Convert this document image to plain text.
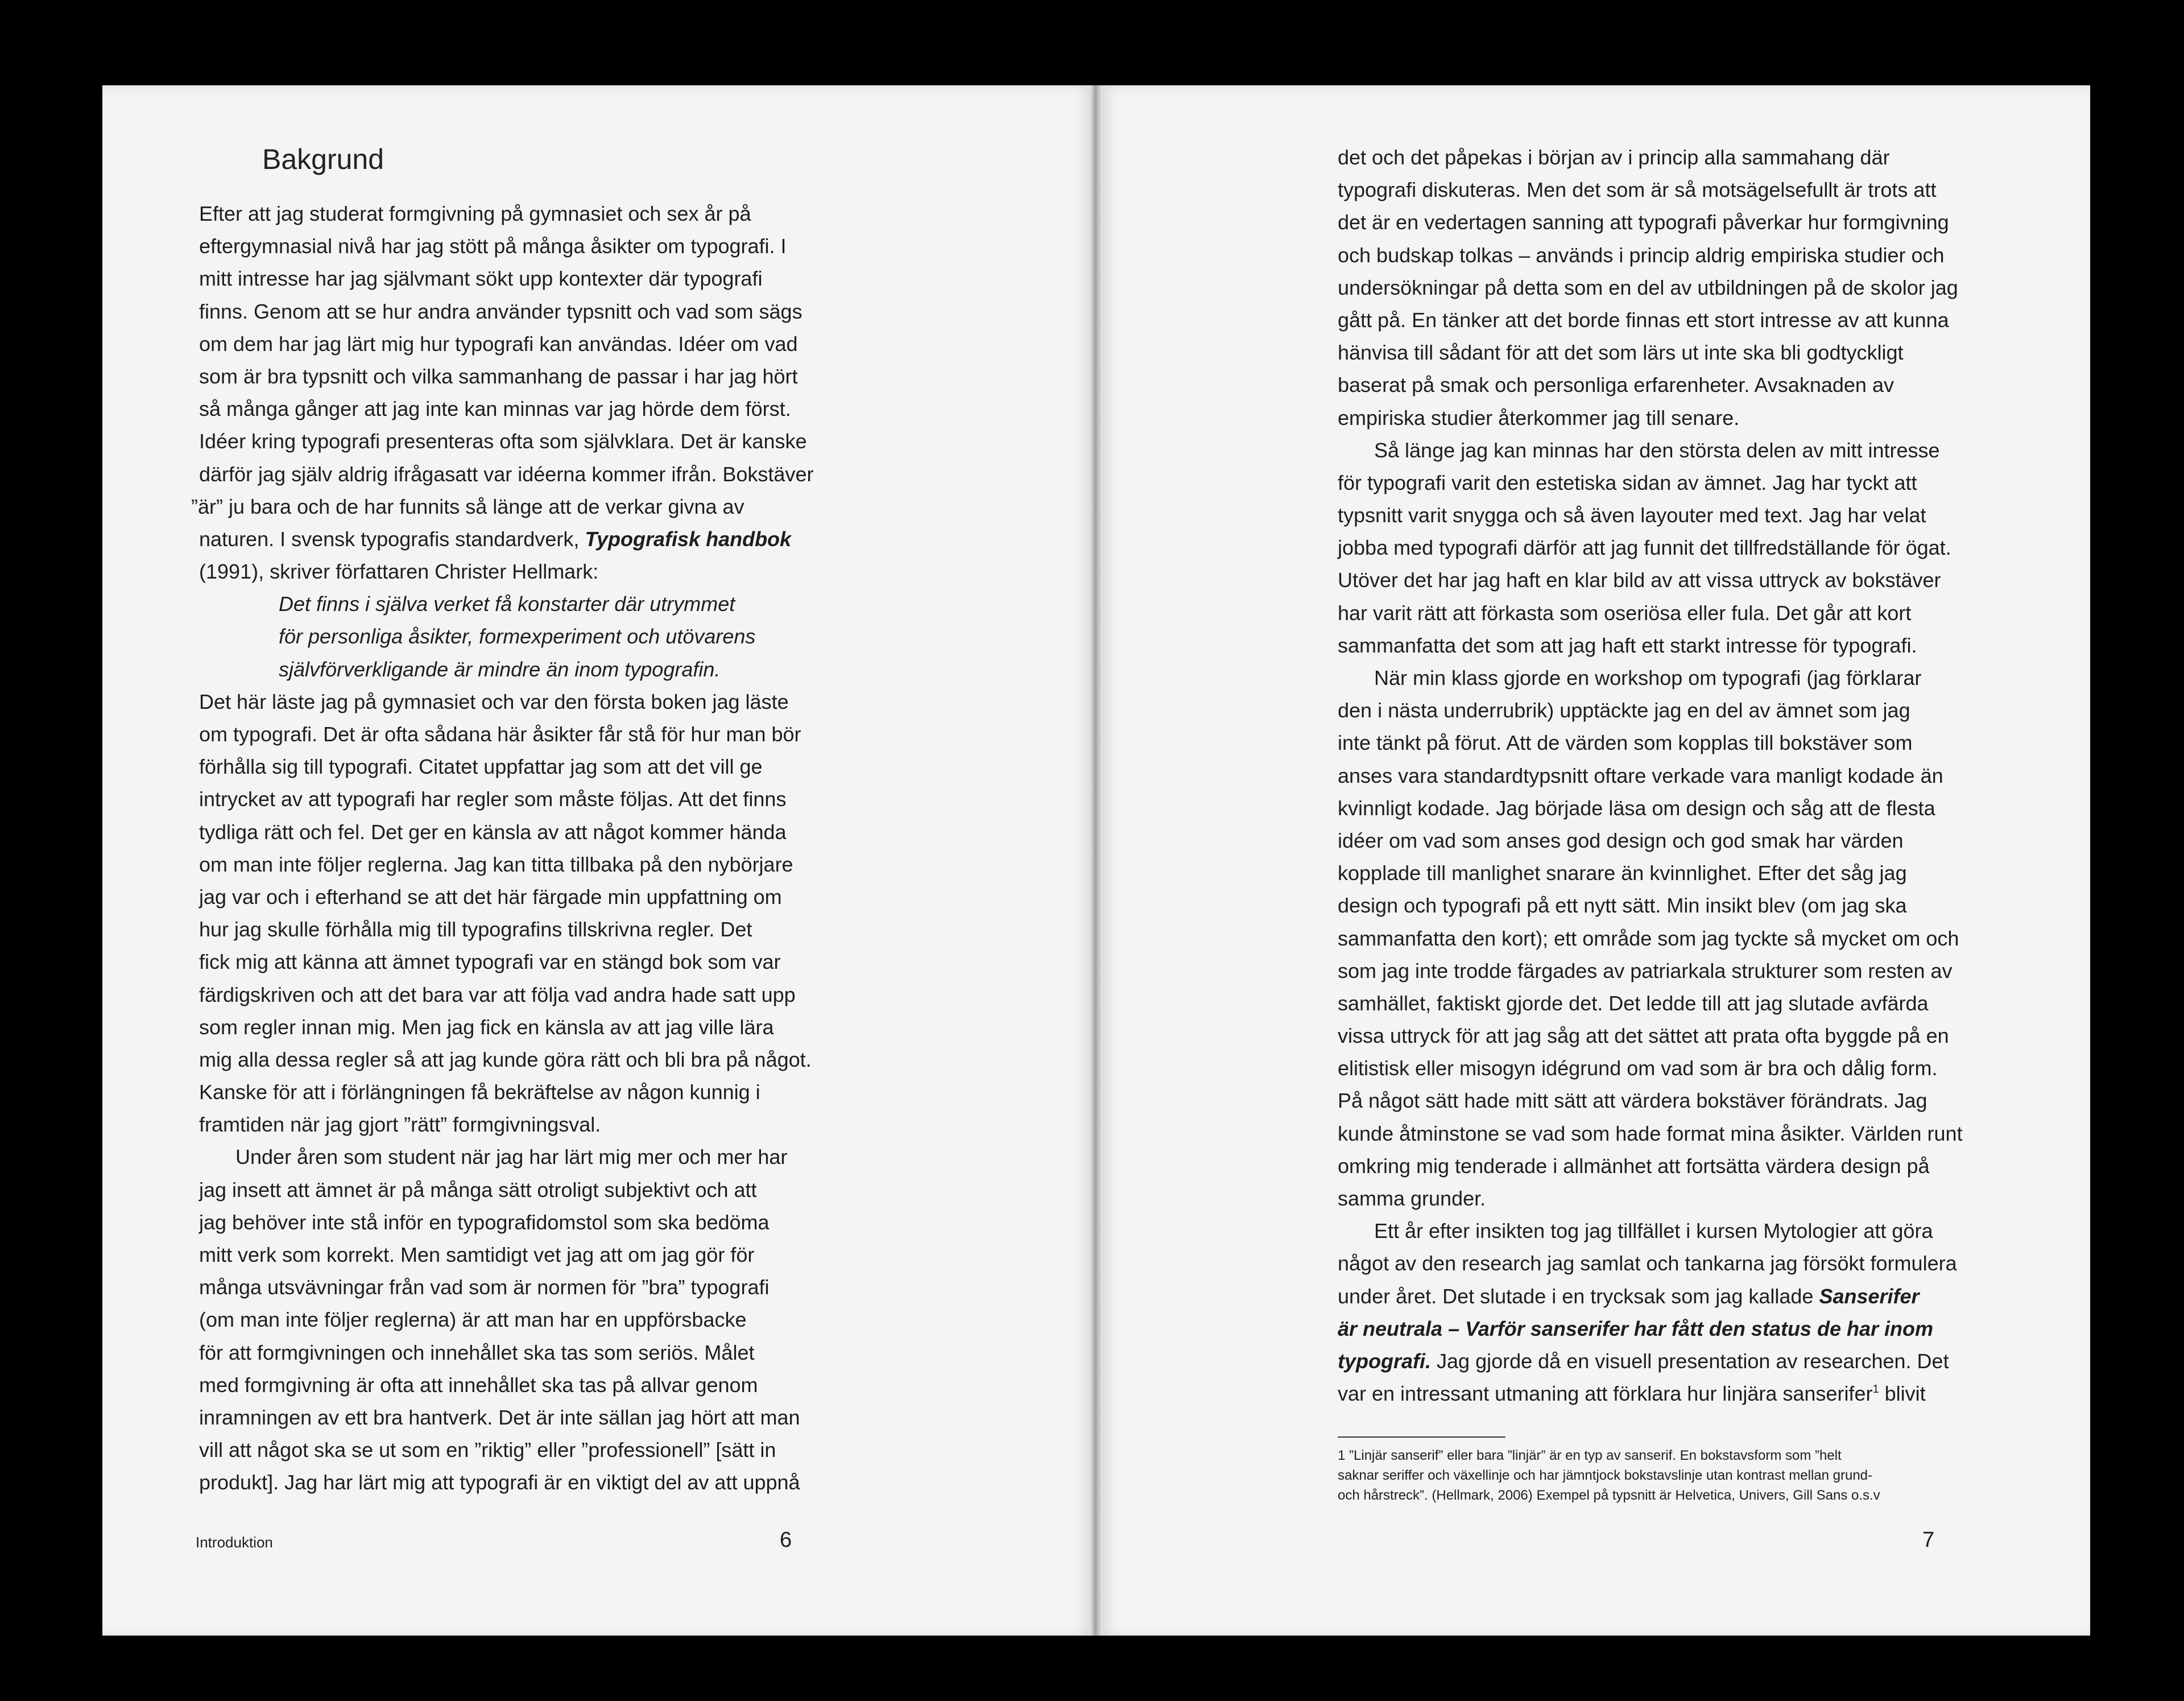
Bakgrund
Efter att jag studerat formgivning på gymnasiet och sex år på
eftergymnasial nivå har jag stött på många åsikter om typografi. I
mitt intresse har jag självmant sökt upp kontexter där typografi
finns. Genom att se hur andra använder typsnitt och vad som sägs
om dem har jag lärt mig hur typografi kan användas. Idéer om vad
som är bra typsnitt och vilka sammanhang de passar i har jag hört
så många gånger att jag inte kan minnas var jag hörde dem först.
Idéer kring typografi presenteras ofta som självklara. Det är kanske
därför jag själv aldrig ifrågasatt var idéerna kommer ifrån. Bokstäver
”är” ju bara och de har funnits så länge att de verkar givna av
naturen. I svensk typografis standardverk, Typografisk handbok
(1991), skriver författaren Christer Hellmark:
Det finns i själva verket få konstarter där utrymmet
för personliga åsikter, formexperiment och utövarens
självförverkligande är mindre än inom typografin.
Det här läste jag på gymnasiet och var den första boken jag läste
om typografi. Det är ofta sådana här åsikter får stå för hur man bör
förhålla sig till typografi. Citatet uppfattar jag som att det vill ge
intrycket av att typografi har regler som måste följas. Att det finns
tydliga rätt och fel. Det ger en känsla av att något kommer hända
om man inte följer reglerna. Jag kan titta tillbaka på den nybörjare
jag var och i efterhand se att det här färgade min uppfattning om
hur jag skulle förhålla mig till typografins tillskrivna regler. Det
fick mig att känna att ämnet typografi var en stängd bok som var
färdigskriven och att det bara var att följa vad andra hade satt upp
som regler innan mig. Men jag fick en känsla av att jag ville lära
mig alla dessa regler så att jag kunde göra rätt och bli bra på något.
Kanske för att i förlängningen få bekräftelse av någon kunnig i
framtiden när jag gjort ”rätt” formgivningsval.
Under åren som student när jag har lärt mig mer och mer har
jag insett att ämnet är på många sätt otroligt subjektivt och att
jag behöver inte stå inför en typografidomstol som ska bedöma
mitt verk som korrekt. Men samtidigt vet jag att om jag gör för
många utsvävningar från vad som är normen för ”bra” typografi
(om man inte följer reglerna) är att man har en uppförsbacke
för att formgivningen och innehållet ska tas som seriös. Målet
med formgivning är ofta att innehållet ska tas på allvar genom
inramningen av ett bra hantverk. Det är inte sällan jag hört att man
vill att något ska se ut som en ”riktig” eller ”professionell” [sätt in
produkt]. Jag har lärt mig att typografi är en viktigt del av att uppnå
Introduktion	6
det och det påpekas i början av i princip alla sammahang där
typografi diskuteras. Men det som är så motsägelsefullt är trots att
det är en vedertagen sanning att typografi påverkar hur formgivning
och budskap tolkas – används i princip aldrig empiriska studier och
undersökningar på detta som en del av utbildningen på de skolor jag
gått på. En tänker att det borde finnas ett stort intresse av att kunna
hänvisa till sådant för att det som lärs ut inte ska bli godtyckligt
baserat på smak och personliga erfarenheter. Avsaknaden av
empiriska studier återkommer jag till senare.
Så länge jag kan minnas har den största delen av mitt intresse
för typografi varit den estetiska sidan av ämnet. Jag har tyckt att
typsnitt varit snygga och så även layouter med text. Jag har velat
jobba med typografi därför att jag funnit det tillfredställande för ögat.
Utöver det har jag haft en klar bild av att vissa uttryck av bokstäver
har varit rätt att förkasta som oseriösa eller fula. Det går att kort
sammanfatta det som att jag haft ett starkt intresse för typografi.
När min klass gjorde en workshop om typografi (jag förklarar
den i nästa underrubrik) upptäckte jag en del av ämnet som jag
inte tänkt på förut. Att de värden som kopplas till bokstäver som
anses vara standardtypsnitt oftare verkade vara manligt kodade än
kvinnligt kodade. Jag började läsa om design och såg att de flesta
idéer om vad som anses god design och god smak har värden
kopplade till manlighet snarare än kvinnlighet. Efter det såg jag
design och typografi på ett nytt sätt. Min insikt blev (om jag ska
sammanfatta den kort); ett område som jag tyckte så mycket om och
som jag inte trodde färgades av patriarkala strukturer som resten av
samhället, faktiskt gjorde det. Det ledde till att jag slutade avfärda
vissa uttryck för att jag såg att det sättet att prata ofta byggde på en
elitistisk eller misogyn idégrund om vad som är bra och dålig form.
På något sätt hade mitt sätt att värdera bokstäver förändrats. Jag
kunde åtminstone se vad som hade format mina åsikter. Världen runt
omkring mig tenderade i allmänhet att fortsätta värdera design på
samma grunder.
Ett år efter insikten tog jag tillfället i kursen Mytologier att göra
något av den research jag samlat och tankarna jag försökt formulera
under året. Det slutade i en trycksak som jag kallade Sanserifer
är neutrala – Varför sanserifer har fått den status de har inom
typografi. Jag gjorde då en visuell presentation av researchen. Det
var en intressant utmaning att förklara hur linjära sanserifer$^1$ blivit
1 ”Linjär sanserif” eller bara ”linjär” är en typ av sanserif. En bokstavsform som ”helt
saknar seriffer och växellinje och har jämntjock bokstavslinje utan kontrast mellan grund-
och hårstreck”. (Hellmark, 2006) Exempel på typsnitt är Helvetica, Univers, Gill Sans o.s.v
7
